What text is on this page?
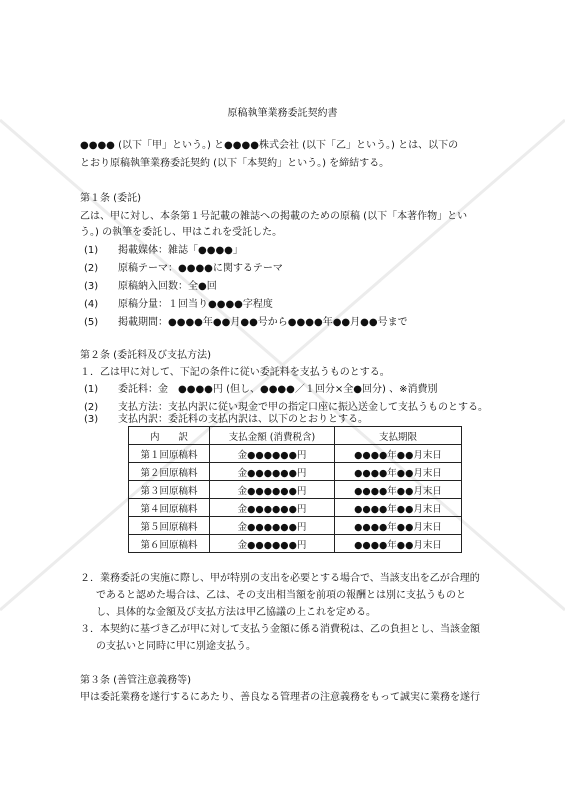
原稿執筆業務委託契約書
●●●● (以下「甲」という。) と●●●●株式会社 (以下「乙」という。) とは、以下の
とおり原稿執筆業務委託契約 (以下「本契約」という。) を締結する。
第１条 (委託)
乙は、甲に対し、本条第１号記載の雑誌への掲載のための原稿 (以下「本著作物」とい
う。) の執筆を委託し、甲はこれを受託した。
(1) 掲載媒体：雑誌「●●●●」
(2) 原稿テーマ：●●●●に関するテーマ
(3) 原稿納入回数：全●回
(4) 原稿分量：１回当り●●●●字程度
(5) 掲載期間：●●●●年●●月●●号から●●●●年●●月●●号まで
第２条 (委託料及び支払方法)
１．乙は甲に対して、下記の条件に従い委託料を支払うものとする。
(1) 委託料：金　●●●●円 (但し、●●●●／１回分×全●回分) 、※消費別
(2) 支払方法：支払内訳に従い現金で甲の指定口座に振込送金して支払うものとする。
(3) 支払内訳：委託料の支払内訳は、以下のとおりとする。
内　　訳	支払金額 (消費税含)	支払期限
第１回原稿料	金●●●●●●円	●●●●年●●月末日
第２回原稿料	金●●●●●●円	●●●●年●●月末日
第３回原稿料	金●●●●●●円	●●●●年●●月末日
第４回原稿料	金●●●●●●円	●●●●年●●月末日
第５回原稿料	金●●●●●●円	●●●●年●●月末日
第６回原稿料	金●●●●●●円	●●●●年●●月末日
２．業務委託の実施に際し、甲が特別の支出を必要とする場合で、当該支出を乙が合理的
であると認めた場合は、乙は、その支出相当額を前項の報酬とは別に支払うものと
し、具体的な金額及び支払方法は甲乙協議の上これを定める。
３．本契約に基づき乙が甲に対して支払う金額に係る消費税は、乙の負担とし、当該金額
の支払いと同時に甲に別途支払う。
第３条 (善管注意義務等)
甲は委託業務を遂行するにあたり、善良なる管理者の注意義務をもって誠実に業務を遂行
